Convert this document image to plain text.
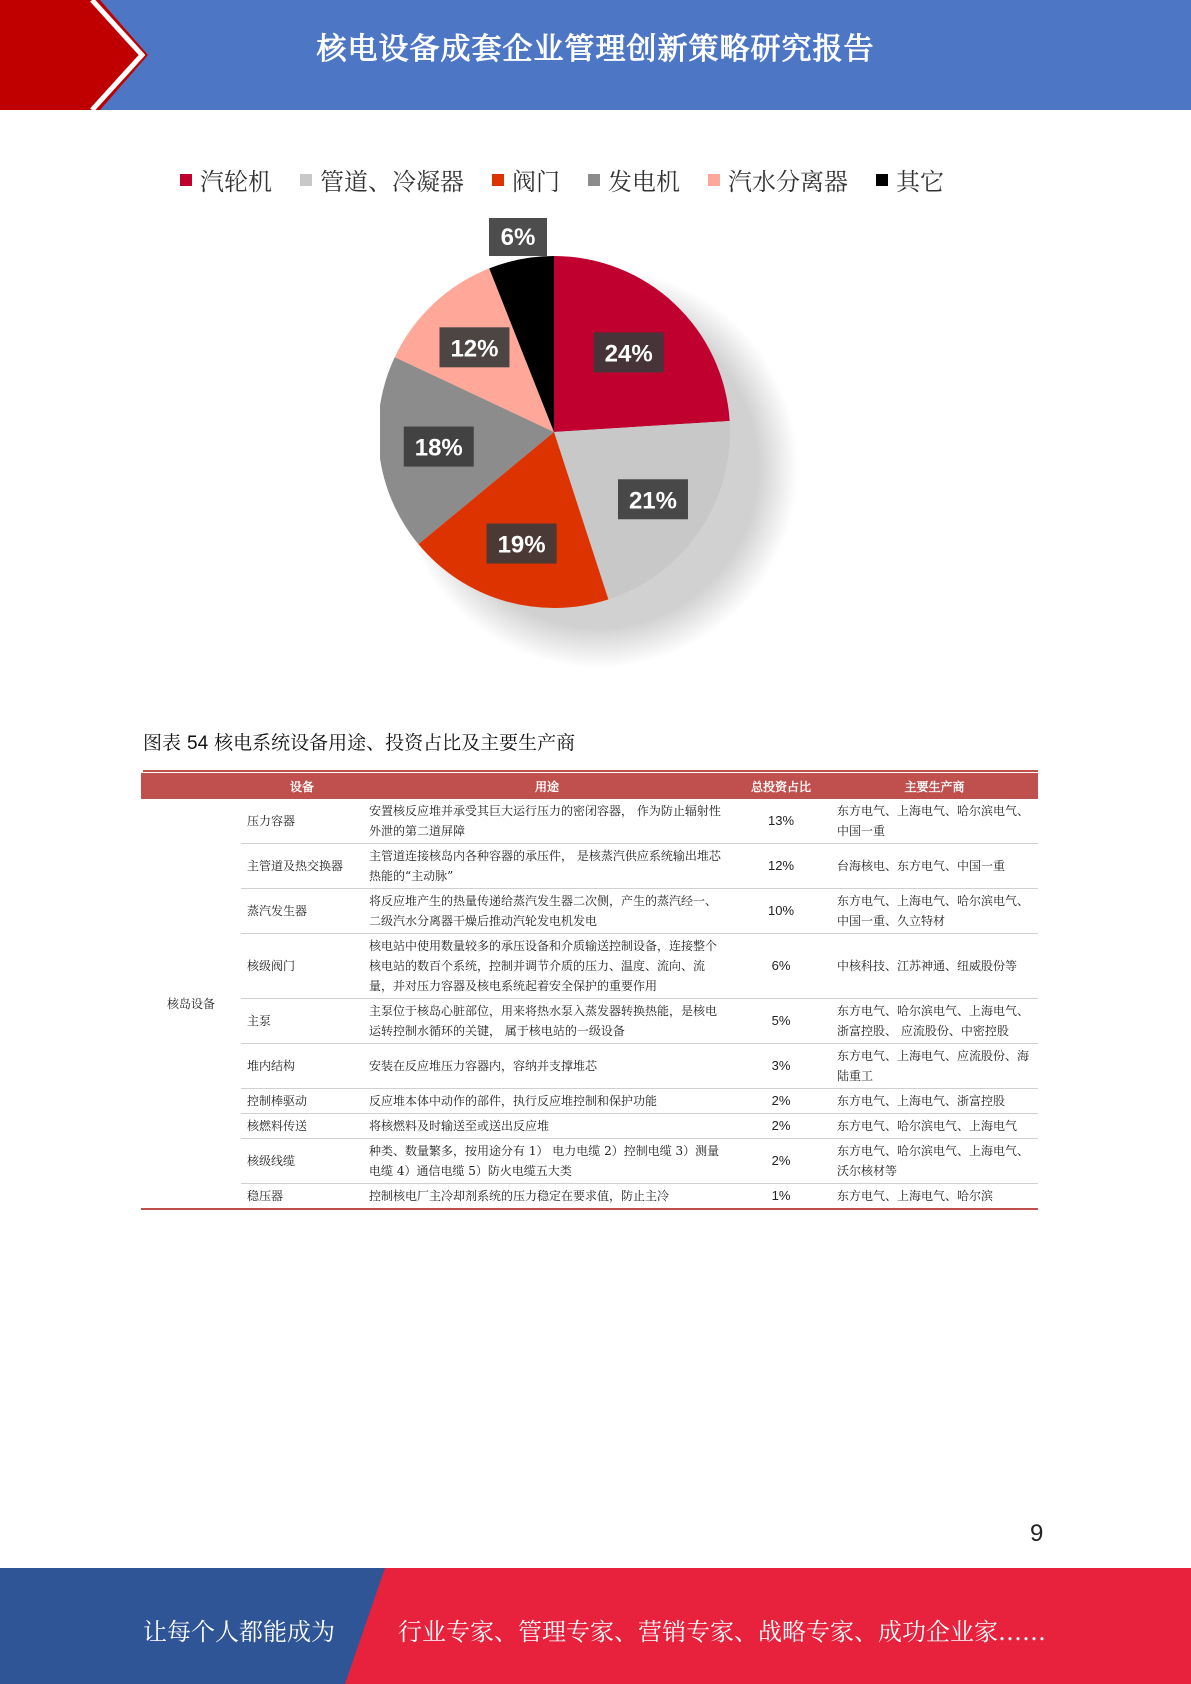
核电设备成套企业管理创新策略研究报告
汽轮机 管道、冷凝器 阀门 发电机 汽水分离器 其它
24%
21%
19%
18%
12%
6%
图表 54 核电系统设备用途、投资占比及主要生产商
	设备	用途	总投资占比	主要生产商
核岛设备	压力容器	安置核反应堆并承受其巨大运行压力的密闭容器， 作为防止辐射性外泄的第二道屏障	13%	东方电气、上海电气、哈尔滨电气、 中国一重
	主管道及热交换器	主管道连接核岛内各种容器的承压件， 是核蒸汽供应系统输出堆芯热能的“主动脉”	12%	台海核电、东方电气、中国一重
	蒸汽发生器	将反应堆产生的热量传递给蒸汽发生器二次侧，产生的蒸汽经一、二级汽水分离器干燥后推动汽轮发电机发电	10%	东方电气、上海电气、哈尔滨电气、 中国一重、久立特材
	核级阀门	核电站中使用数量较多的承压设备和介质输送控制设备，连接整个核电站的数百个系统，控制并调节介质的压力、温度、流向、流量，并对压力容器及核电系统起着安全保护的重要作用	6%	中核科技、江苏神通、纽威股份等
	主泵	主泵位于核岛心脏部位，用来将热水泵入蒸发器转换热能，是核电运转控制水循环的关键， 属于核电站的一级设备	5%	东方电气、哈尔滨电气、上海电气、浙富控股、 应流股份、中密控股
	堆内结构	安装在反应堆压力容器内，容纳并支撑堆芯	3%	东方电气、上海电气、应流股份、海陆重工
	控制棒驱动	反应堆本体中动作的部件，执行反应堆控制和保护功能	2%	东方电气、上海电气、浙富控股
	核燃料传送	将核燃料及时输送至或送出反应堆	2%	东方电气、哈尔滨电气、上海电气
	核级线缆	种类、数量繁多，按用途分有 1） 电力电缆 2）控制电缆 3）测量电缆 4）通信电缆 5）防火电缆五大类	2%	东方电气、哈尔滨电气、上海电气、沃尔核材等
	稳压器	控制核电厂主冷却剂系统的压力稳定在要求值，防止主冷	1%	东方电气、上海电气、哈尔滨
9
让每个人都能成为	行业专家、管理专家、营销专家、战略专家、成功企业家……
